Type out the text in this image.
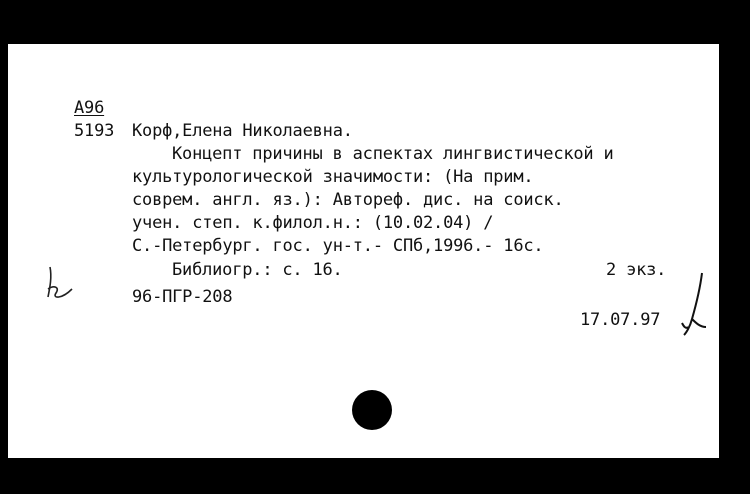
А96
5193 Корф,Елена Николаевна.
Концепт причины в аспектах лингвистической и
культурологической значимости: (На прим.
соврем. англ. яз.): Автореф. дис. на соиск.
учен. степ. к.филол.н.: (10.02.04) /
С.-Петербург. гос. ун-т.- СПб,1996.- 16с.
Библиогр.: с. 16.	2 экз.
96-ПГР-208
17.07.97
